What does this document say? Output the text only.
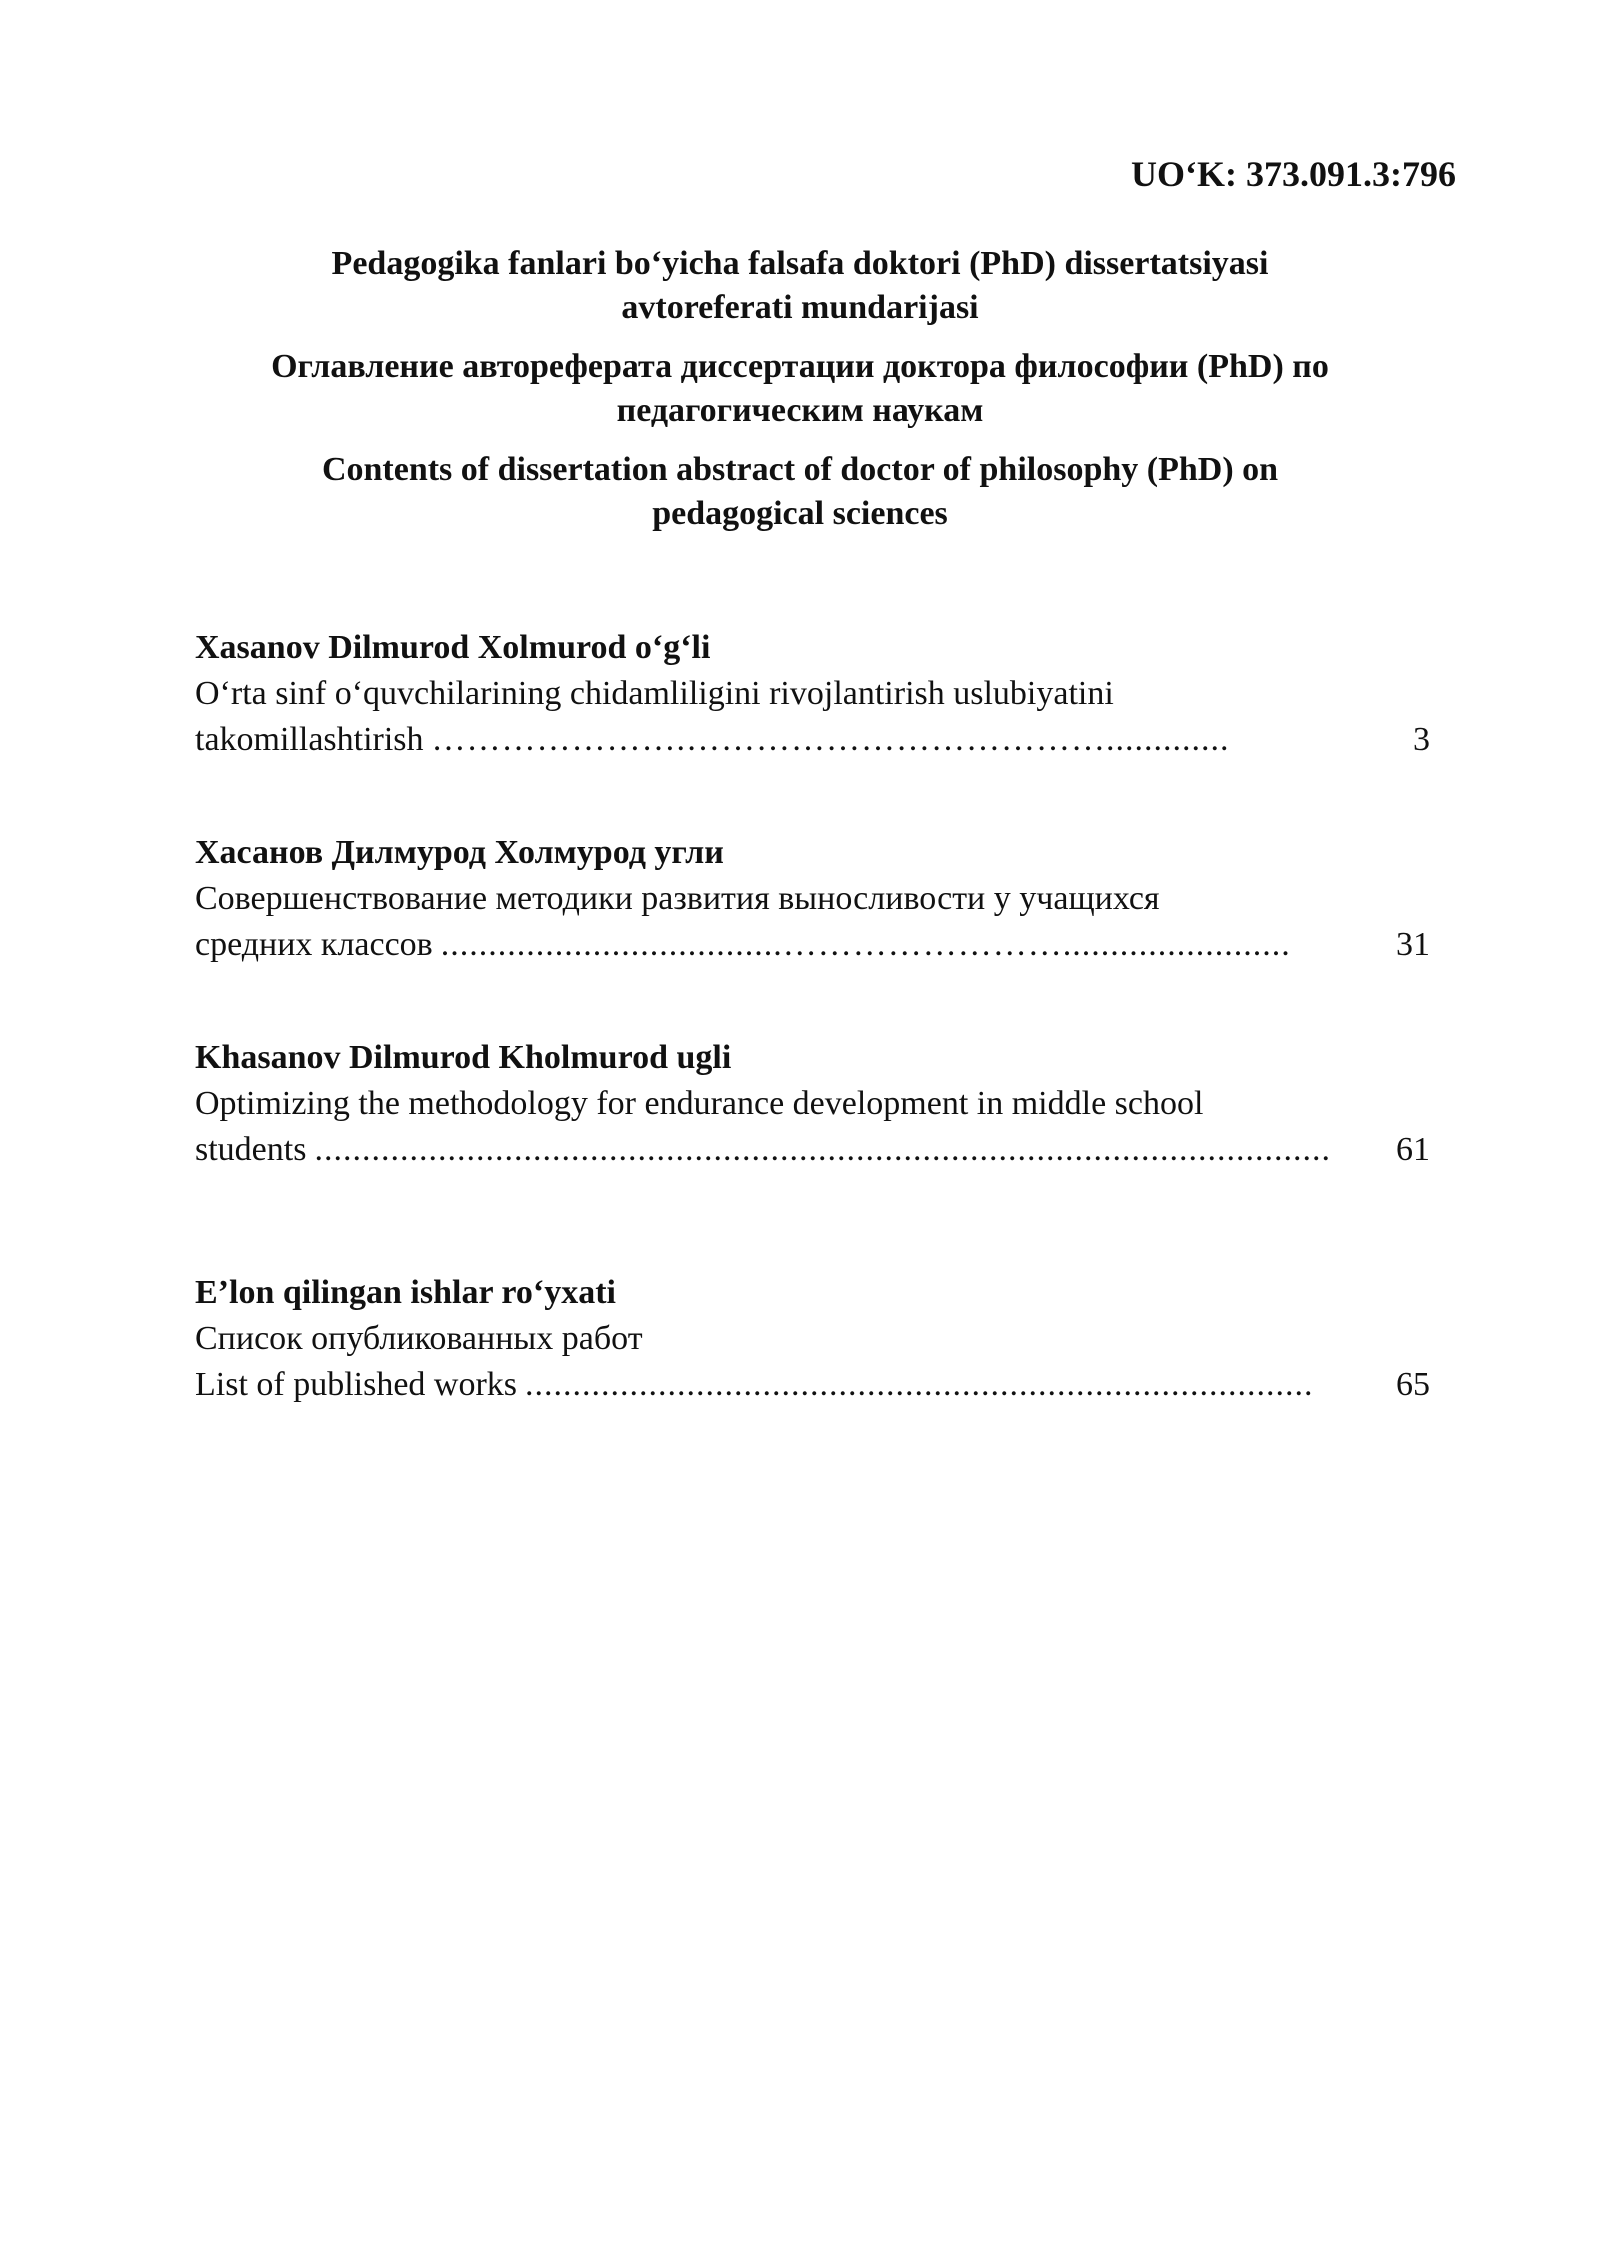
UO‘K: 373.091.3:796
Pedagogika fanlari bo‘yicha falsafa doktori (PhD) dissertatsiyasi
avtoreferati mundarijasi
Оглавление автореферата диссертации доктора философии (PhD) по
педагогическим наукам
Contents of dissertation abstract of doctor of philosophy (PhD) on
pedagogical sciences

Xasanov Dilmurod Xolmurod o‘g‘li

O‘rta sinf o‘quvchilarining chidamliligini rivojlantirish uslubiyatini

takomillashtirish ………………….……………………………….............	3

Хасанов Дилмурод Холмурод угли

Совершенствование методики развития выносливости у учащихся

средних классов ....................................……………………........................	31

Khasanov Dilmurod Kholmurod ugli

Optimizing the methodology for endurance development in middle school

students ...........................................................................................................	61

E’lon qilingan ishlar ro‘yxati

Список опубликованных работ

List of published works ...................................................................................	65
